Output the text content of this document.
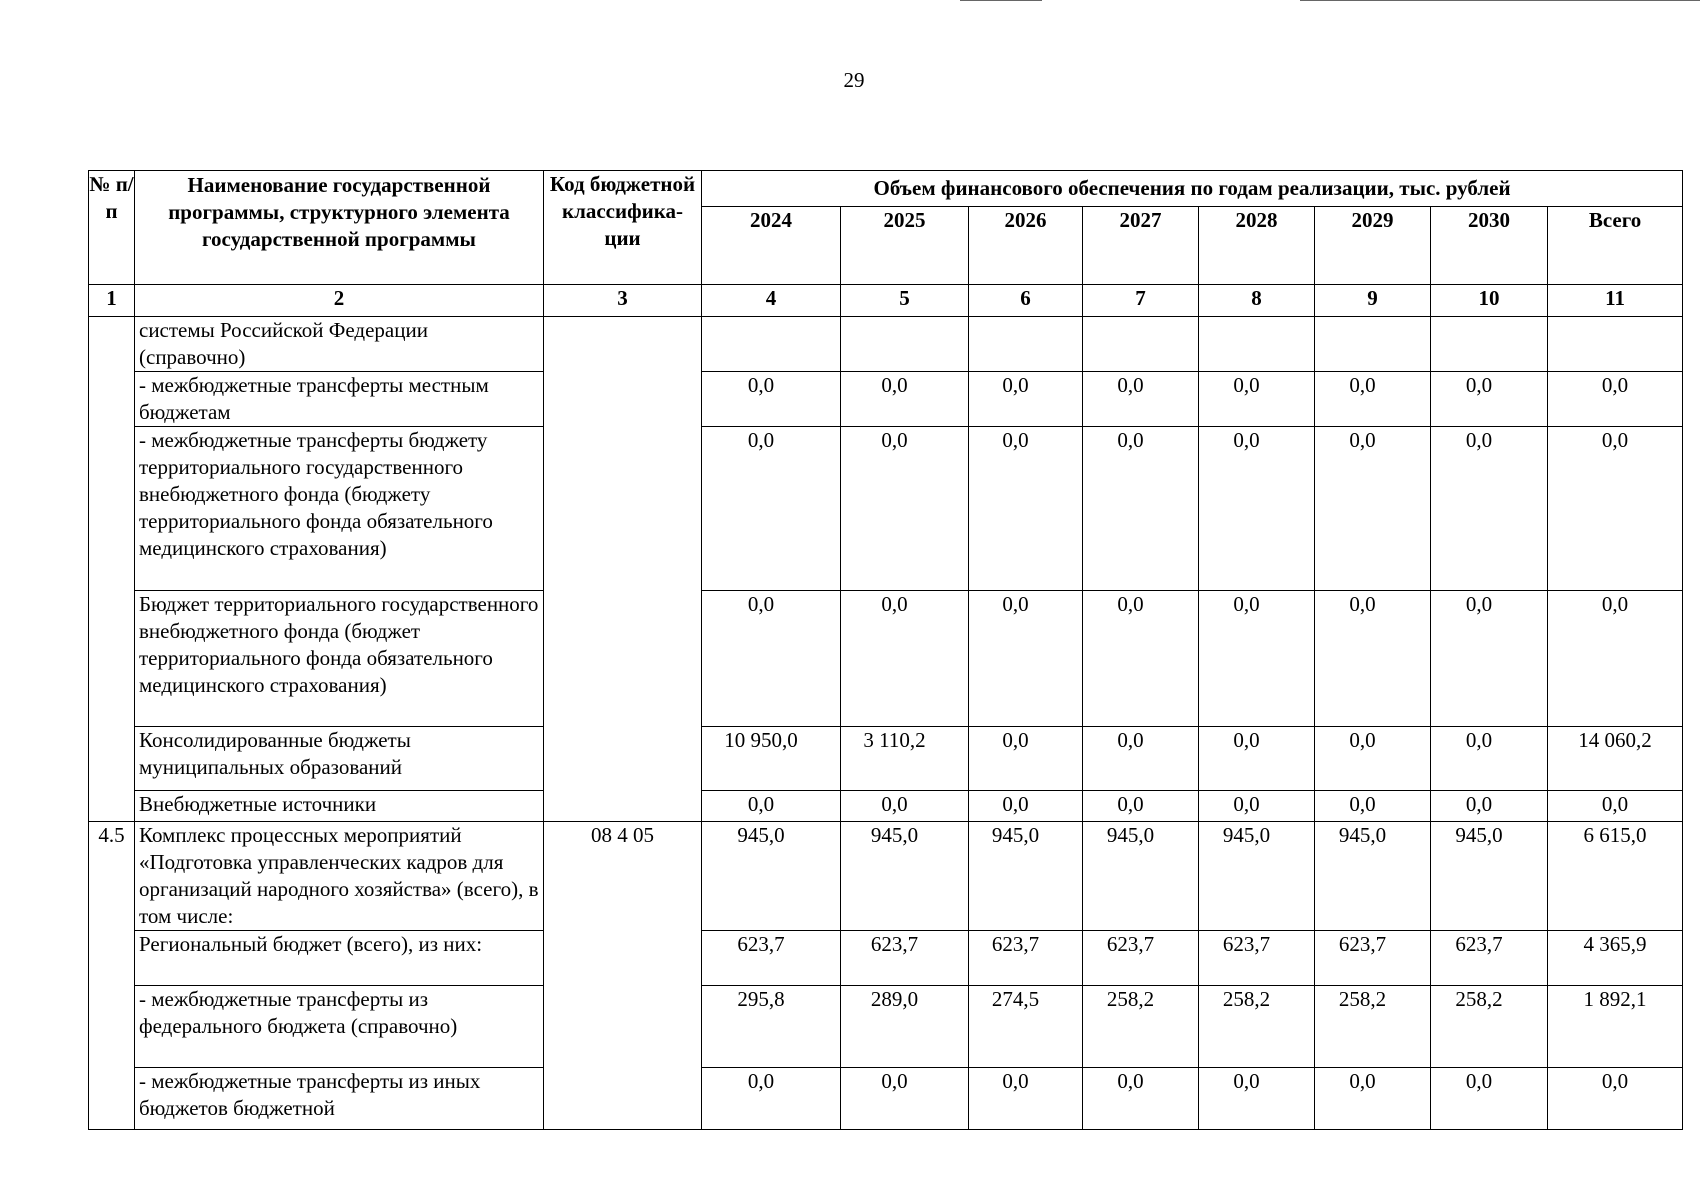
29
№ п/п	Наименование государственной программы, структурного элемента государственной программы	Код бюджетной классифика- ции	Объем финансового обеспечения по годам реализации, тыс. рублей							
			2024	2025	2026	2027	2028	2029	2030	Всего
1	2	3	4	5	6	7	8	9	10	11
	системы Российской Федерации (справочно)		

	- межбюджетные трансферты местным бюджетам		0,0	0,0	0,0	0,0	0,0	0,0	0,0	0,0

	- межбюджетные трансферты бюджету территориального государственного внебюджетного фонда (бюджету территориального фонда обязательного медицинского страхования)		0,0	0,0	0,0	0,0	0,0	0,0	0,0	0,0

	Бюджет территориального государственного внебюджетного фонда (бюджет территориального фонда обязательного медицинского страхования)		0,0	0,0	0,0	0,0	0,0	0,0	0,0	0,0

	Консолидированные бюджеты муниципальных образований		10 950,0	3 110,2	0,0	0,0	0,0	0,0	0,0	14 060,2

	Внебюджетные источники		0,0	0,0	0,0	0,0	0,0	0,0	0,0	0,0

4.5	Комплекс процессных мероприятий «Подготовка управленческих кадров для организаций народного хозяйства» (всего), в том числе:	08 4 05	945,0	945,0	945,0	945,0	945,0	945,0	945,0	6 615,0

	Региональный бюджет (всего), из них:		623,7	623,7	623,7	623,7	623,7	623,7	623,7	4 365,9

	- межбюджетные трансферты из федерального бюджета (справочно)		295,8	289,0	274,5	258,2	258,2	258,2	258,2	1 892,1

	- межбюджетные трансферты из иных бюджетов бюджетной		0,0	0,0	0,0	0,0	0,0	0,0	0,0	0,0
